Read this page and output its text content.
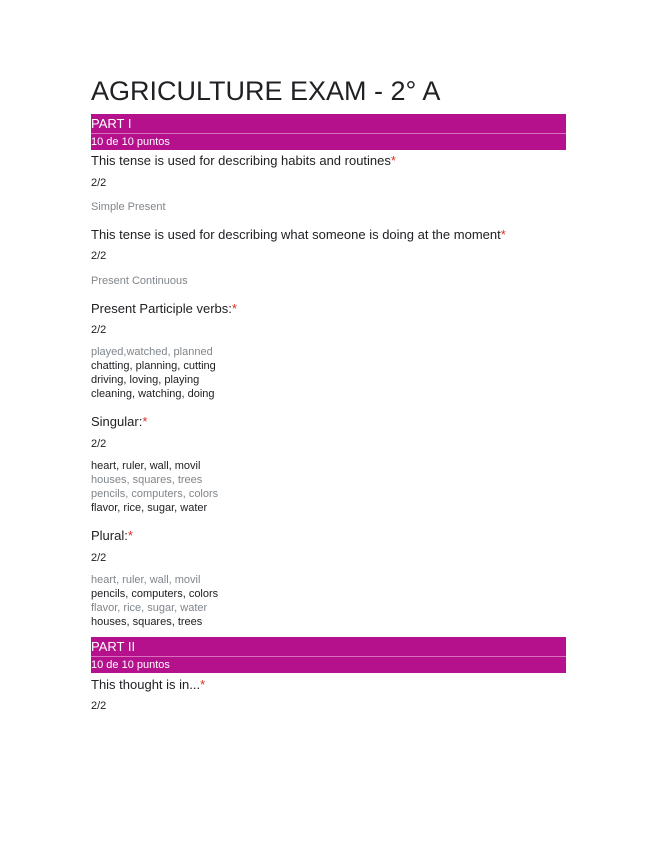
AGRICULTURE EXAM - 2° A
PART I
10 de 10 puntos
This tense is used for describing habits and routines*
2/2
Simple Present
This tense is used for describing what someone is doing at the moment*
2/2
Present Continuous
Present Participle verbs:*
2/2
played,watched, planned
chatting, planning, cutting
driving, loving, playing
cleaning, watching, doing
Singular:*
2/2
heart, ruler, wall, movil
houses, squares, trees
pencils, computers, colors
flavor, rice, sugar, water
Plural:*
2/2
heart, ruler, wall, movil
pencils, computers, colors
flavor, rice, sugar, water
houses, squares, trees
PART II
10 de 10 puntos
This thought is in...*
2/2
